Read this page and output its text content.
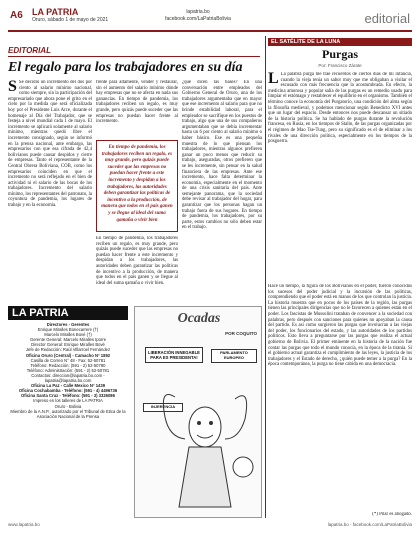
A6 LA PATRIA
Oruro, sábado 1 de mayo de 2021
lapatria.bo
facebook.com/LaPatriaBolivia	editorial
EDITORIAL
El regalo para los trabajadores en su día
S Se decidió un incremento del dos por ciento al salario mínimo nacional, como siempre, sin la participación del empresariado que ahora pone el grito en el cielo por la medida que será oficializada hoy por el Presidente Luis Arce, durante el homenaje al Día del Trabajador, que se festeja a nivel mundial cada 1 de mayo. El incremento se aplicará solamente al salario mínimo, mientras quedó libre el incremento consignado, según se informó en la prensa nacional, ante embargo, las empresarios con que esa cifrada de 42,4 bolivianos puede causar despidos y cierre de empresas. Tanto el representante de la Central Obrera Boliviana, COB, como los empresarios coinciden en que el incremento no será reflejado en el bien de actividad ni el salario de las bocas de los trabajadores. Incremento del salario mínimo, los representantes del patronato, la coyuntura de pandemia, los lugares de trabajo y en la economía.
¿qué dicen las bases? En una conversación entre empleados del Gobierno General de Oruro, una de los trabajadores argumentaba que en mayor que ese incremento al salario para que no brinde estabilidad laboral, para el empleador se sacrifique en los puestos de trabajo, algo que una de sus compañeros argumentaban que se debía incrementar hasta un 6 por ciento al salario mínimo o haber básico. Ese es una pequeña muestra de lo que piensan los trabajadores, mientras algunos prefieren ganar un poco menos que reducir su trabajo, aseguradas, otros prefieren que se les incremente, sin pensar en la salud financiera de las empresas. Ante ese incremento, hace falta determinar la economía, especialmente en el momento de una crisis sanitaria del país. Ante semejante panorama, que la sociedad debe revisar al trabajador del hogar, para garantizar que los personas hagan un trabajo fuera de sus hogares. En tiempo de pandemia, los trabajadores, por su parte, estos cambios no sólo deben estar en el trabajo.
frente para altamente, vender y restaurar, sin el aumento del salario mínimo dónde hay empresas que no se afecta en nada sus ganancias. En tiempo de pandemia, los trabajadores reciben un regalo, es muy grande, pero quizás puede suceder que las empresas no puedan hacer frente al incremento.
En tiempo de pandemia, los trabajadores reciben un regalo, es muy grande, pero quizás puede suceder que las empresas no puedan hacer frente a este incremento y despidan a los trabajadores, las autoridades deben garantizar las políticas de incentivo a la producción, de manera que todos en el país ganen y se llegue al ideal del suma qamaña o vivir bien
En tiempo de pandemia, los trabajadores reciben un regalo, es muy grande, pero quizás puede suceder que las empresas no puedan hacer frente a este incremento y despidan a los trabajadores, las autoridades deben garantizar las políticas de incentivo a la producción, de manera que todos en el país ganen y se llegue al ideal del suma qamaña o vivir bien.
LA PATRIA
Directores - Gerentes
Enrique Miralles Bonecarrere (†)
Marcelo Miralles Bové (†)
Gerente General: Marcelo Miralles Iporre
Director General: Enrique Miralles Bové
Jefe de Redacción: Raúl Villarroel Fernández
Oficina Oruro (Central) - Camacho N° 1892
Casilla de Correo N° 48 - Fax: 52-50781
Teléfono: Redacción: (591 - 2) 52-50780
Teléfono: Administración: (591 - 2) 52-50781
Contactos: direccion@lapatria.bo.com - lapatria@lapatria.bo.com
Oficina La Paz - Calle Mexico N° 1439
Oficina Cochabamba - Teléfono: (591 - 4) 4496736
Oficina Santa Cruz - Teléfono: (591 - 3) 3326086
Impreso en los talleres de LA PATRIA
Oruro - Bolivia
Miembro de la A.N.P., autorizado por el Tribunal de Etica de la Asociación Nacional de la Prensa
Ocadas
POR COQUITO
LIBERACIÓN INNEGABLE PARA ES PRESIDENTA!
PARLAMENTO EUROPEO
INJERENCIA
EL SATÉLITE DE LA LUNA
Purgas
Por: Francisco Zárate
L La palabra purga me trae recuerdos de ciertos días de mi infancia, cuando la vieja tenía un sabor muy que me obligaban a visitar el escusado con más frecuencia que la acostumbrada. En efecto, la medicina amorosa y popular salía de las purgas es un remedio usado para limpiar el estómago y restablecer el equilibrio en el organismo. También el término conoce la economía del Purgatorio, una condición del alma según la filosofía medieval, y podemos mencionar según Benedicto XVI antes que un lugar del espacio. Desde entonces nos puede descansar un sitiado de la historia política. Se ha hablado de purgas durante la revolución francesa, en Rusia, en los tiempos de Stalin, de las purgas organizadas por el régimen de Mao Tse-Tung, pero su significado es el de eliminar a los rivales de una dirección política, especialmente en los tiempos de la posguerra.
Hace un tiempo, la figura de los Bolivianos en el poder, fueron conocidos los sucesos del poder judicial y la incursión de las políticas, comprendiendo que el poder está en manos de los que controlan la justicia. La historia muestra que en pocos de los países de la región, las purgas tienen las principales dirigencias que no le favorecen a quienes están en el poder. Los fascistas de Mussolini trataban de convencer a la sociedad con palabras, pero después con sanciones para quienes no apoyaban la causa del partido. Es así como surgieron las purgas que involucran a las viejas del poder, los funcionarios del estado, y las autoridades de los partidos políticos. Esto lleva a preguntarse por las purgas que realiza el actual gobierno de Bolivia. El primer eminente en la historia de la nación fue contar las purgas que todo el mundo conocía, en la época de la tiranía. Si el gobierno actual garantiza el cumplimiento de las leyes, la justicia de los trabajadores y el Estado de derecho, ¿quién puede temer a la purga? En la época contemporánea, la purga no tiene cabida en una democracia.
(*) Pilar es abogado.
www.lapatria.bo	lapatria.bo - facebook.com/LaPatriaBolivia
